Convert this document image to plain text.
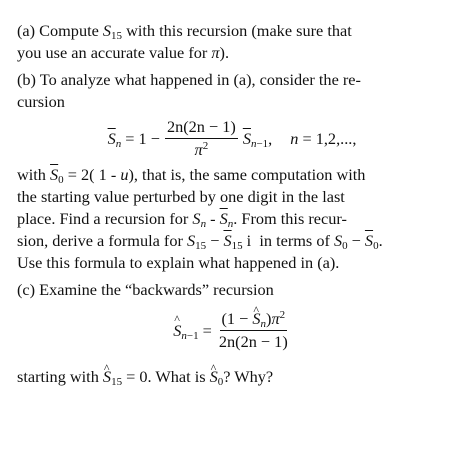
(a) Compute $S_{15}$ with this recursion (make sure that
you use an accurate value for π).
(b) To analyze what happened in (a), consider the re-
cursion
$\overline{S}_n = 1 - \frac{2n(2n - 1)}{\pi^2} \overline{S}_{n-1}$, n = 1,2,...,
with $\overline{S}_0 = 2$( 1 - u), that is, the same computation with
the starting value perturbed by one digit in the last
place. Find a recursion for $S_n - \overline{S}_n$. From this recur-
sion, derive a formula for $S_{15} - \overline{S}_{15}$ i  in terms of $S_0 - \overline{S}_0$.
Use this formula to explain what happened in (a).
(c) Examine the “backwards” recursion
^ $S_{n-1} = \frac{(1 - \^{} S_n)\pi^2}{2n(2n - 1)}$
starting with ^ $S_{15} = 0$. What is ^ $S_0$? Why?
